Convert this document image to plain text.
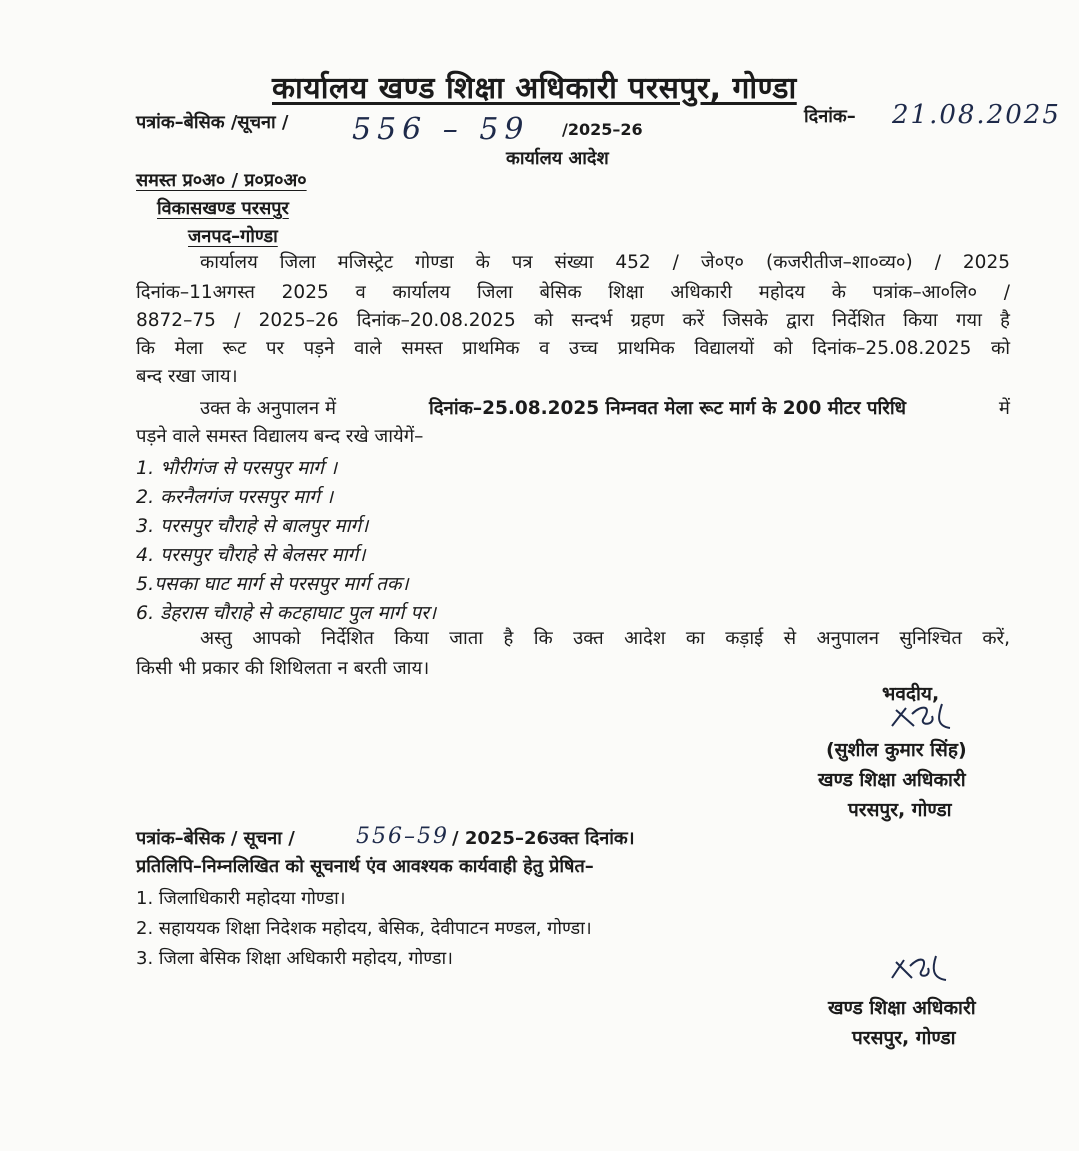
कार्यालय खण्ड शिक्षा अधिकारी परसपुर, गोण्डा
पत्रांक–बेसिक /सूचना / 556 – 59 /2025–26
दिनांक– 21.08.2025
कार्यालय आदेश
समस्त प्र०अ० / प्र०प्र०अ०
विकासखण्ड परसपुर
जनपद–गोण्डा
कार्यालय जिला मजिस्ट्रेट गोण्डा के पत्र संख्या 452 / जे०ए० (कजरीतीज–शा०व्य०) / 2025
दिनांक–11अगस्त 2025 व कार्यालय जिला बेसिक शिक्षा अधिकारी महोदय के पत्रांक–आ०लि० /
8872–75 / 2025–26 दिनांक–20.08.2025 को सन्दर्भ ग्रहण करें जिसके द्वारा निर्देशित किया गया है
कि मेला रूट पर पड़ने वाले समस्त प्राथमिक व उच्च प्राथमिक विद्यालयों को दिनांक–25.08.2025 को
बन्द रखा जाय।
उक्त के अनुपालन में	दिनांक–25.08.2025 निम्नवत मेला रूट मार्ग के 200 मीटर परिधि	में
पड़ने वाले समस्त विद्यालय बन्द रखे जायेगें–
1. भौरीगंज से परसपुर मार्ग ।
2. करनैलगंज परसपुर मार्ग ।
3. परसपुर चौराहे से बालपुर मार्ग।
4. परसपुर चौराहे से बेलसर मार्ग।
5.पसका घाट मार्ग से परसपुर मार्ग तक।
6. डेहरास चौराहे से कटहाघाट पुल मार्ग पर।
अस्तु आपको निर्देशित किया जाता है कि उक्त आदेश का कड़ाई से अनुपालन सुनिश्चित करें,
किसी भी प्रकार की शिथिलता न बरती जाय।
भवदीय,
(सुशील कुमार सिंह)
खण्ड शिक्षा अधिकारी
परसपुर, गोण्डा
पत्रांक–बेसिक / सूचना /	556–59 / 2025–26उक्त दिनांक।
प्रतिलिपि–निम्नलिखित को सूचनार्थ एंव आवश्यक कार्यवाही हेतु प्रेषित–
1. जिलाधिकारी महोदया गोण्डा।
2. सहाययक शिक्षा निदेशक महोदय, बेसिक, देवीपाटन मण्डल, गोण्डा।
3. जिला बेसिक शिक्षा अधिकारी महोदय, गोण्डा।
खण्ड शिक्षा अधिकारी
परसपुर, गोण्डा
